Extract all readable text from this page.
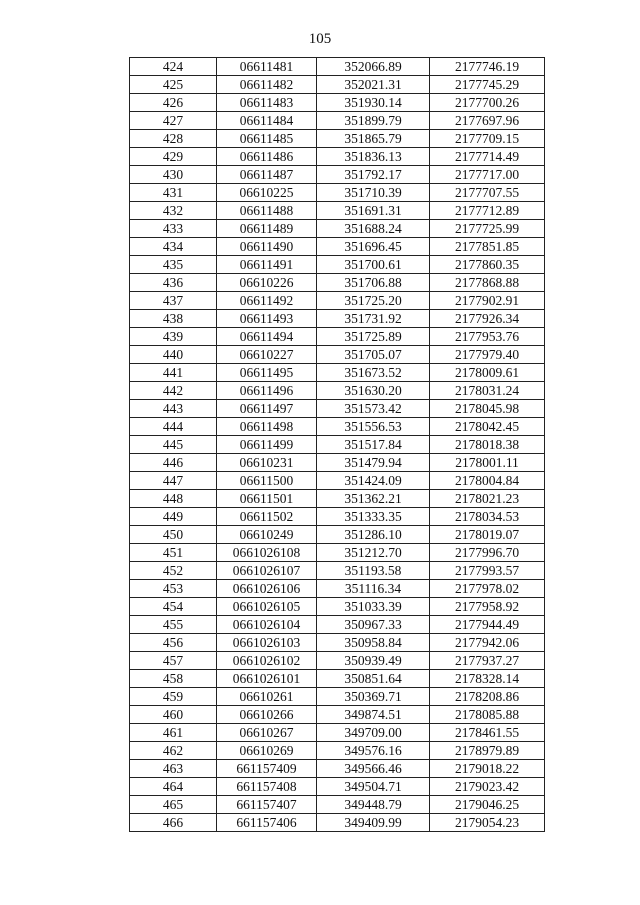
105
424	06611481	352066.89	2177746.19
425	06611482	352021.31	2177745.29
426	06611483	351930.14	2177700.26
427	06611484	351899.79	2177697.96
428	06611485	351865.79	2177709.15
429	06611486	351836.13	2177714.49
430	06611487	351792.17	2177717.00
431	06610225	351710.39	2177707.55
432	06611488	351691.31	2177712.89
433	06611489	351688.24	2177725.99
434	06611490	351696.45	2177851.85
435	06611491	351700.61	2177860.35
436	06610226	351706.88	2177868.88
437	06611492	351725.20	2177902.91
438	06611493	351731.92	2177926.34
439	06611494	351725.89	2177953.76
440	06610227	351705.07	2177979.40
441	06611495	351673.52	2178009.61
442	06611496	351630.20	2178031.24
443	06611497	351573.42	2178045.98
444	06611498	351556.53	2178042.45
445	06611499	351517.84	2178018.38
446	06610231	351479.94	2178001.11
447	06611500	351424.09	2178004.84
448	06611501	351362.21	2178021.23
449	06611502	351333.35	2178034.53
450	06610249	351286.10	2178019.07
451	0661026108	351212.70	2177996.70
452	0661026107	351193.58	2177993.57
453	0661026106	351116.34	2177978.02
454	0661026105	351033.39	2177958.92
455	0661026104	350967.33	2177944.49
456	0661026103	350958.84	2177942.06
457	0661026102	350939.49	2177937.27
458	0661026101	350851.64	2178328.14
459	06610261	350369.71	2178208.86
460	06610266	349874.51	2178085.88
461	06610267	349709.00	2178461.55
462	06610269	349576.16	2178979.89
463	661157409	349566.46	2179018.22
464	661157408	349504.71	2179023.42
465	661157407	349448.79	2179046.25
466	661157406	349409.99	2179054.23
